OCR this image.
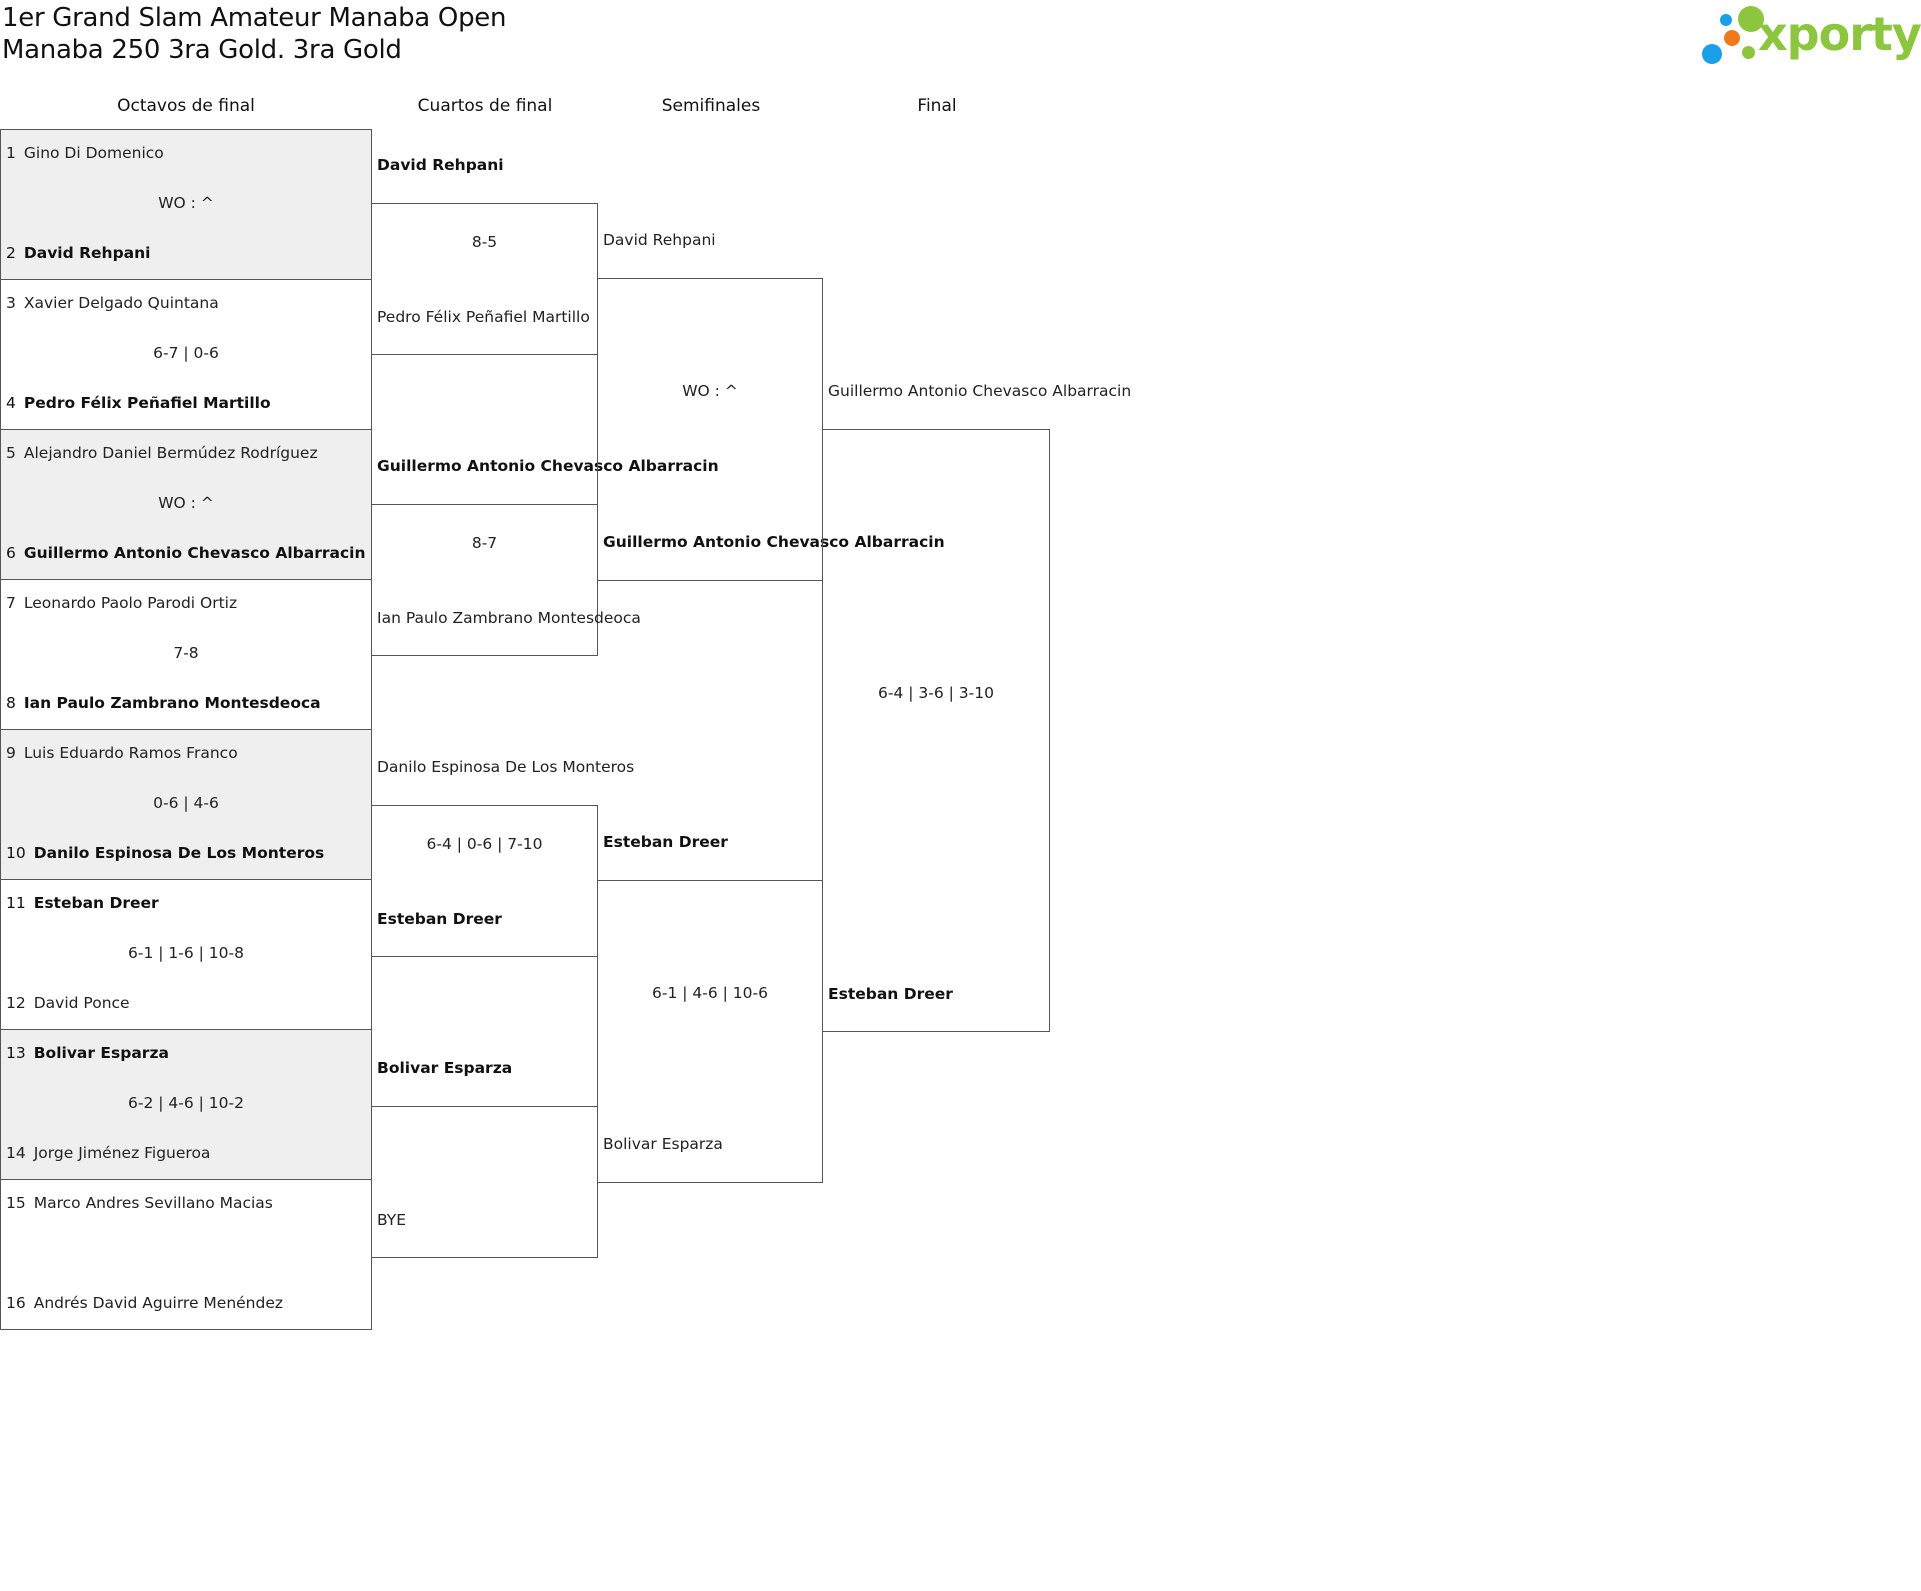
1er Grand Slam Amateur Manaba Open
Manaba 250 3ra Gold. 3ra Gold	xporty
Octavos de final	Cuartos de final	Semifinales	Final
1 Gino Di Domenico
2 David Rehpani
WO : ^
3 Xavier Delgado Quintana
4 Pedro Félix Peñafiel Martillo
6-7 | 0-6
5 Alejandro Daniel Bermúdez Rodríguez
6 Guillermo Antonio Chevasco Albarracin
WO : ^
7 Leonardo Paolo Parodi Ortiz
8 Ian Paulo Zambrano Montesdeoca
7-8
9 Luis Eduardo Ramos Franco
10 Danilo Espinosa De Los Monteros
0-6 | 4-6
11 Esteban Dreer
12 David Ponce
6-1 | 1-6 | 10-8
13 Bolivar Esparza
14 Jorge Jiménez Figueroa
6-2 | 4-6 | 10-2
15 Marco Andres Sevillano Macias
16 Andrés David Aguirre Menéndez
David Rehpani
8-5
Pedro Félix Peñafiel Martillo
Guillermo Antonio Chevasco Albarracin
8-7
Ian Paulo Zambrano Montesdeoca
Danilo Espinosa De Los Monteros
6-4 | 0-6 | 7-10
Esteban Dreer
Bolivar Esparza
BYE
David Rehpani
WO : ^
Guillermo Antonio Chevasco Albarracin
Esteban Dreer
6-1 | 4-6 | 10-6
Bolivar Esparza
Guillermo Antonio Chevasco Albarracin
6-4 | 3-6 | 3-10
Esteban Dreer
